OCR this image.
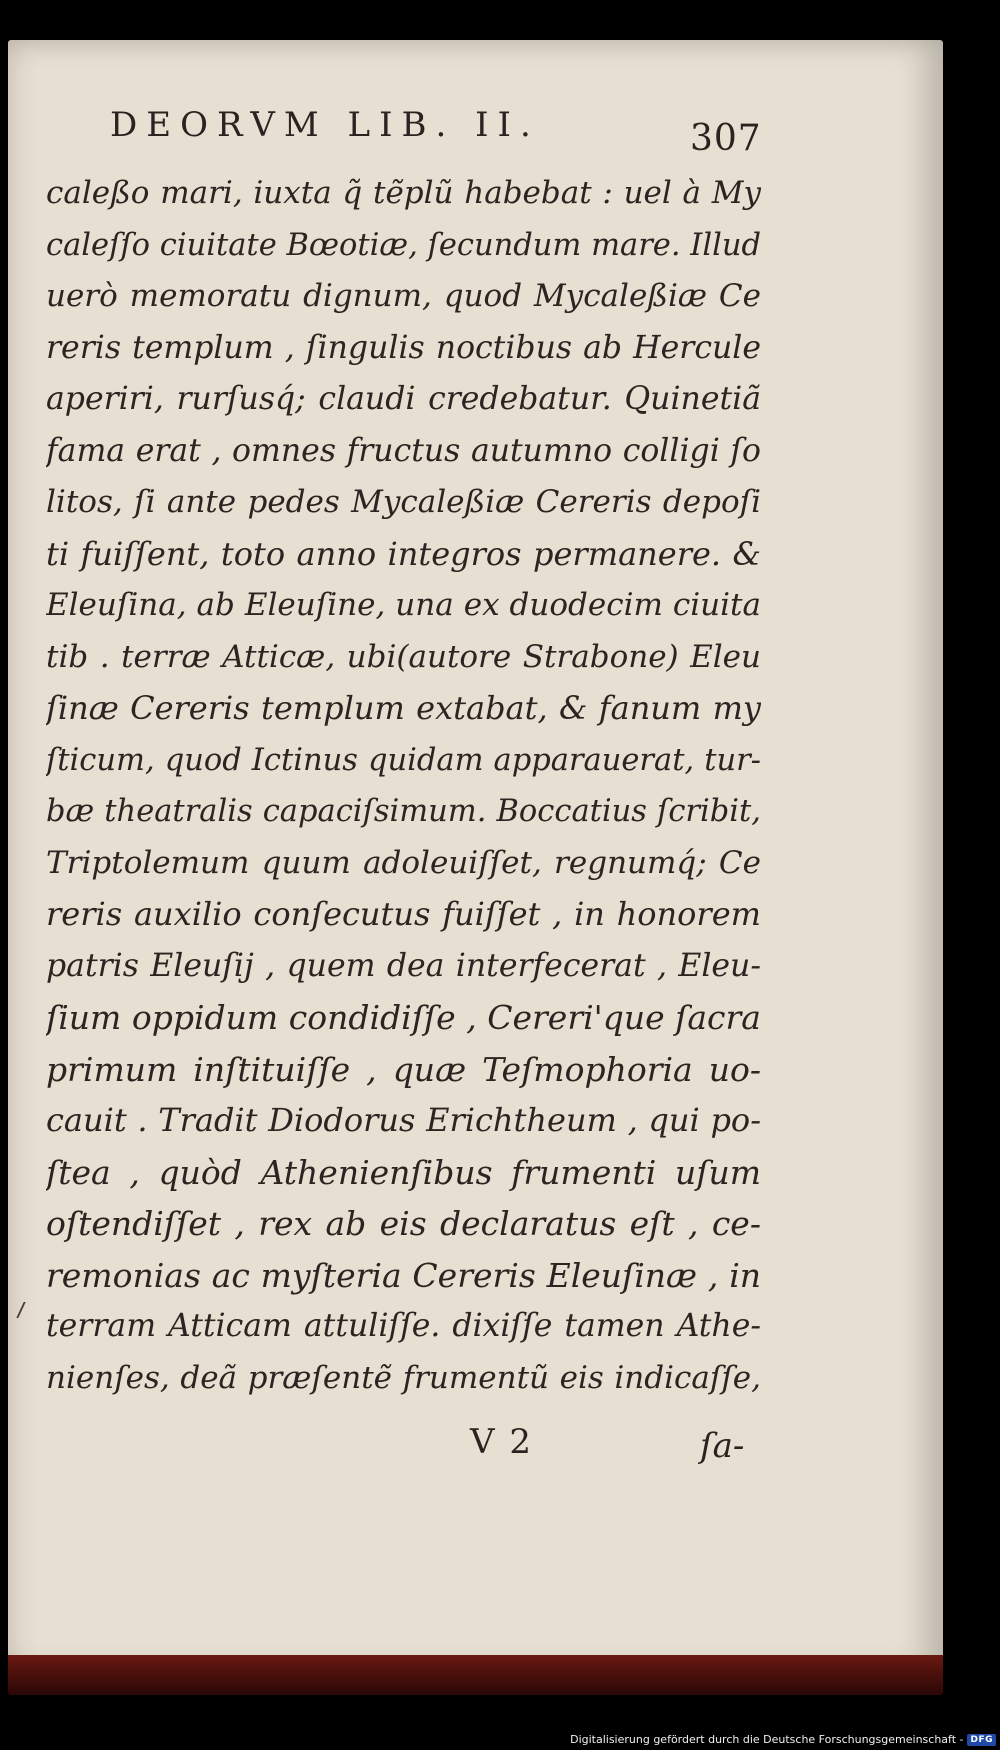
DEORVM LIB. II.	307
caleßo mari, iuxta q̃ tẽplũ habebat : uel à My
caleſſo ciuitate Bœotiæ, ſecundum mare. Illud
uerò memoratu dignum, quod Mycaleßiæ Ce
reris templum , ſingulis noctibus ab Hercule
aperiri, rurſusq́; claudi credebatur. Quinetiã
fama erat , omnes fructus autumno colligi ſo
litos, ſi ante pedes Mycaleßiæ Cereris depoſi
ti fuiſſent, toto anno integros permanere. &
Eleuſina, ab Eleuſine, una ex duodecim ciuita
tib . terræ Atticæ, ubi(autore Strabone) Eleu
ſinæ Cereris templum extabat, & fanum my
ſticum, quod Ictinus quidam apparauerat, tur-
bæ theatralis capaciſsimum. Boccatius ſcribit,
Triptolemum quum adoleuiſſet, regnumq́; Ce
reris auxilio conſecutus fuiſſet , in honorem
patris Eleuſij , quem dea interfecerat , Eleu-
ſium oppidum condidiſſe , Cereri'que ſacra
primum inſtituiſſe , quæ Teſmophoria uo-
cauit . Tradit Diodorus Erichtheum , qui po-
ſtea , quòd Athenienſibus frumenti uſum
oſtendiſſet , rex ab eis declaratus eſt , ce-
remonias ac myſteria Cereris Eleuſinæ , in
terram Atticam attuliſſe. dixiſſe tamen Athe-
nienſes, deã præſentẽ frumentũ eis indicaſſe,
V 2	ſa-
Digitalisierung gefördert durch die Deutsche Forschungsgemeinschaft - DFG
